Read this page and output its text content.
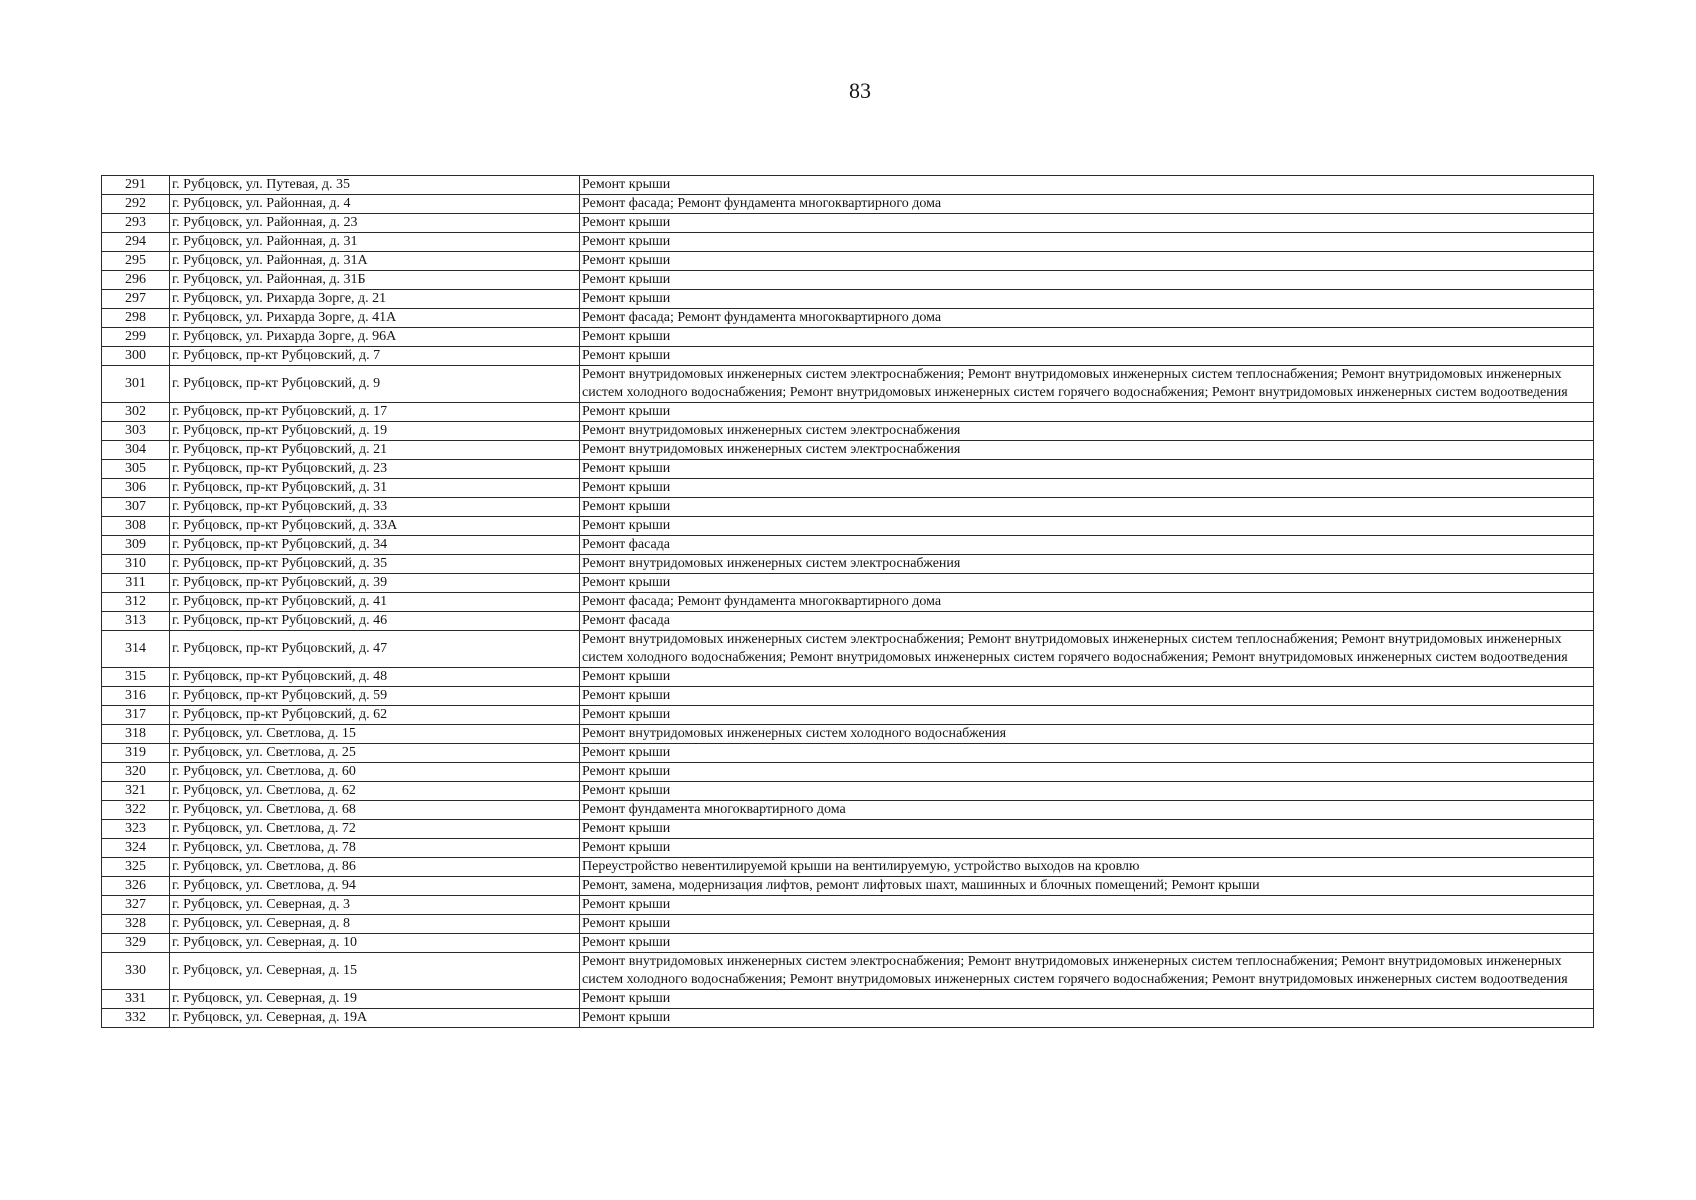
83
291	г. Рубцовск, ул. Путевая, д. 35	Ремонт крыши
292	г. Рубцовск, ул. Районная, д. 4	Ремонт фасада; Ремонт фундамента многоквартирного дома
293	г. Рубцовск, ул. Районная, д. 23	Ремонт крыши
294	г. Рубцовск, ул. Районная, д. 31	Ремонт крыши
295	г. Рубцовск, ул. Районная, д. 31А	Ремонт крыши
296	г. Рубцовск, ул. Районная, д. 31Б	Ремонт крыши
297	г. Рубцовск, ул. Рихарда Зорге, д. 21	Ремонт крыши
298	г. Рубцовск, ул. Рихарда Зорге, д. 41А	Ремонт фасада; Ремонт фундамента многоквартирного дома
299	г. Рубцовск, ул. Рихарда Зорге, д. 96А	Ремонт крыши
300	г. Рубцовск, пр-кт Рубцовский, д. 7	Ремонт крыши
301	г. Рубцовск, пр-кт Рубцовский, д. 9	Ремонт внутридомовых инженерных систем электроснабжения; Ремонт внутридомовых инженерных систем теплоснабжения; Ремонт внутридомовых инженерных систем холодного водоснабжения; Ремонт внутридомовых инженерных систем горячего водоснабжения; Ремонт внутридомовых инженерных систем водоотведения
302	г. Рубцовск, пр-кт Рубцовский, д. 17	Ремонт крыши
303	г. Рубцовск, пр-кт Рубцовский, д. 19	Ремонт внутридомовых инженерных систем электроснабжения
304	г. Рубцовск, пр-кт Рубцовский, д. 21	Ремонт внутридомовых инженерных систем электроснабжения
305	г. Рубцовск, пр-кт Рубцовский, д. 23	Ремонт крыши
306	г. Рубцовск, пр-кт Рубцовский, д. 31	Ремонт крыши
307	г. Рубцовск, пр-кт Рубцовский, д. 33	Ремонт крыши
308	г. Рубцовск, пр-кт Рубцовский, д. 33А	Ремонт крыши
309	г. Рубцовск, пр-кт Рубцовский, д. 34	Ремонт фасада
310	г. Рубцовск, пр-кт Рубцовский, д. 35	Ремонт внутридомовых инженерных систем электроснабжения
311	г. Рубцовск, пр-кт Рубцовский, д. 39	Ремонт крыши
312	г. Рубцовск, пр-кт Рубцовский, д. 41	Ремонт фасада; Ремонт фундамента многоквартирного дома
313	г. Рубцовск, пр-кт Рубцовский, д. 46	Ремонт фасада
314	г. Рубцовск, пр-кт Рубцовский, д. 47	Ремонт внутридомовых инженерных систем электроснабжения; Ремонт внутридомовых инженерных систем теплоснабжения; Ремонт внутридомовых инженерных систем холодного водоснабжения; Ремонт внутридомовых инженерных систем горячего водоснабжения; Ремонт внутридомовых инженерных систем водоотведения
315	г. Рубцовск, пр-кт Рубцовский, д. 48	Ремонт крыши
316	г. Рубцовск, пр-кт Рубцовский, д. 59	Ремонт крыши
317	г. Рубцовск, пр-кт Рубцовский, д. 62	Ремонт крыши
318	г. Рубцовск, ул. Светлова, д. 15	Ремонт внутридомовых инженерных систем холодного водоснабжения
319	г. Рубцовск, ул. Светлова, д. 25	Ремонт крыши
320	г. Рубцовск, ул. Светлова, д. 60	Ремонт крыши
321	г. Рубцовск, ул. Светлова, д. 62	Ремонт крыши
322	г. Рубцовск, ул. Светлова, д. 68	Ремонт фундамента многоквартирного дома
323	г. Рубцовск, ул. Светлова, д. 72	Ремонт крыши
324	г. Рубцовск, ул. Светлова, д. 78	Ремонт крыши
325	г. Рубцовск, ул. Светлова, д. 86	Переустройство невентилируемой крыши на вентилируемую, устройство выходов на кровлю
326	г. Рубцовск, ул. Светлова, д. 94	Ремонт, замена, модернизация лифтов, ремонт лифтовых шахт, машинных и блочных помещений; Ремонт крыши
327	г. Рубцовск, ул. Северная, д. 3	Ремонт крыши
328	г. Рубцовск, ул. Северная, д. 8	Ремонт крыши
329	г. Рубцовск, ул. Северная, д. 10	Ремонт крыши
330	г. Рубцовск, ул. Северная, д. 15	Ремонт внутридомовых инженерных систем электроснабжения; Ремонт внутридомовых инженерных систем теплоснабжения; Ремонт внутридомовых инженерных систем холодного водоснабжения; Ремонт внутридомовых инженерных систем горячего водоснабжения; Ремонт внутридомовых инженерных систем водоотведения
331	г. Рубцовск, ул. Северная, д. 19	Ремонт крыши
332	г. Рубцовск, ул. Северная, д. 19А	Ремонт крыши
